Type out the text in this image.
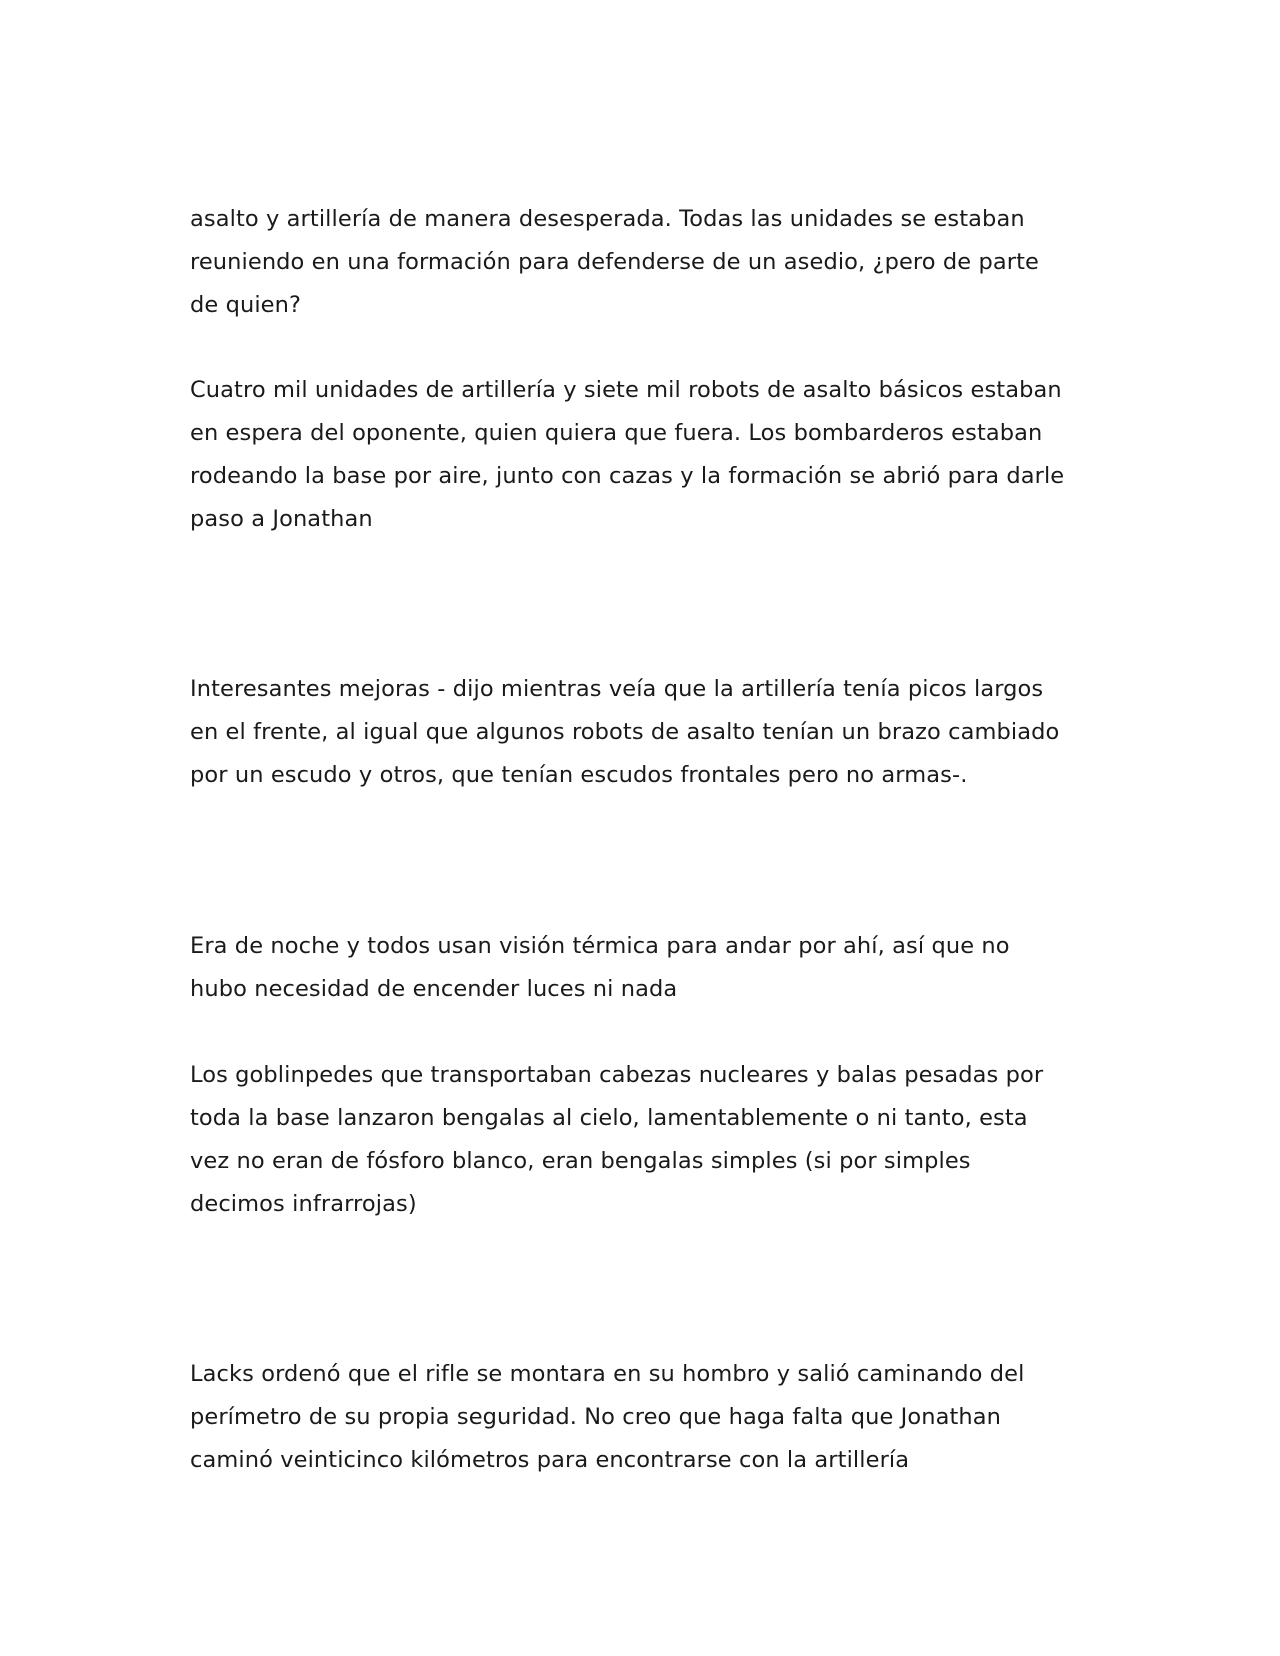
asalto y artillería de manera desesperada. Todas las unidades se estaban
reuniendo en una formación para defenderse de un asedio, ¿pero de parte
de quien?

Cuatro mil unidades de artillería y siete mil robots de asalto básicos estaban
en espera del oponente, quien quiera que fuera. Los bombarderos estaban
rodeando la base por aire, junto con cazas y la formación se abrió para darle
paso a Jonathan

Interesantes mejoras - dijo mientras veía que la artillería tenía picos largos
en el frente, al igual que algunos robots de asalto tenían un brazo cambiado
por un escudo y otros, que tenían escudos frontales pero no armas-.

Era de noche y todos usan visión térmica para andar por ahí, así que no
hubo necesidad de encender luces ni nada

Los goblinpedes que transportaban cabezas nucleares y balas pesadas por
toda la base lanzaron bengalas al cielo, lamentablemente o ni tanto, esta
vez no eran de fósforo blanco, eran bengalas simples (si por simples
decimos infrarrojas)

Lacks ordenó que el rifle se montara en su hombro y salió caminando del
perímetro de su propia seguridad. No creo que haga falta que Jonathan
caminó veinticinco kilómetros para encontrarse con la artillería
